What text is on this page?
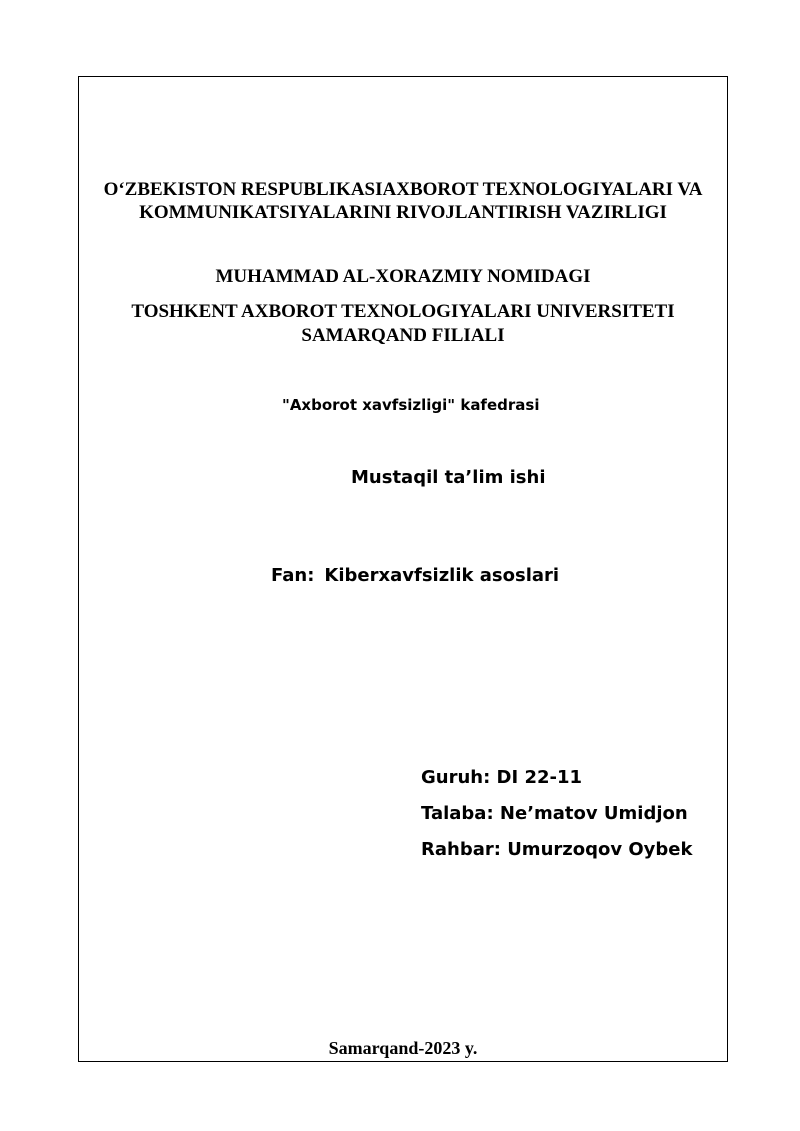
O‘ZBEKISTON RESPUBLIKASIAXBOROT TEXNOLOGIYALARI VA
KOMMUNIKATSIYALARINI RIVOJLANTIRISH VAZIRLIGI
MUHAMMAD AL-XORAZMIY NOMIDAGI
TOSHKENT AXBOROT TEXNOLOGIYALARI UNIVERSITETI
SAMARQAND FILIALI
"Axborot xavfsizligi" kafedrasi
Mustaqil ta’lim ishi
Fan: Kiberxavfsizlik asoslari
Guruh: DI 22-11
Talaba: Ne’matov Umidjon
Rahbar: Umurzoqov Oybek
Samarqand-2023 y.
